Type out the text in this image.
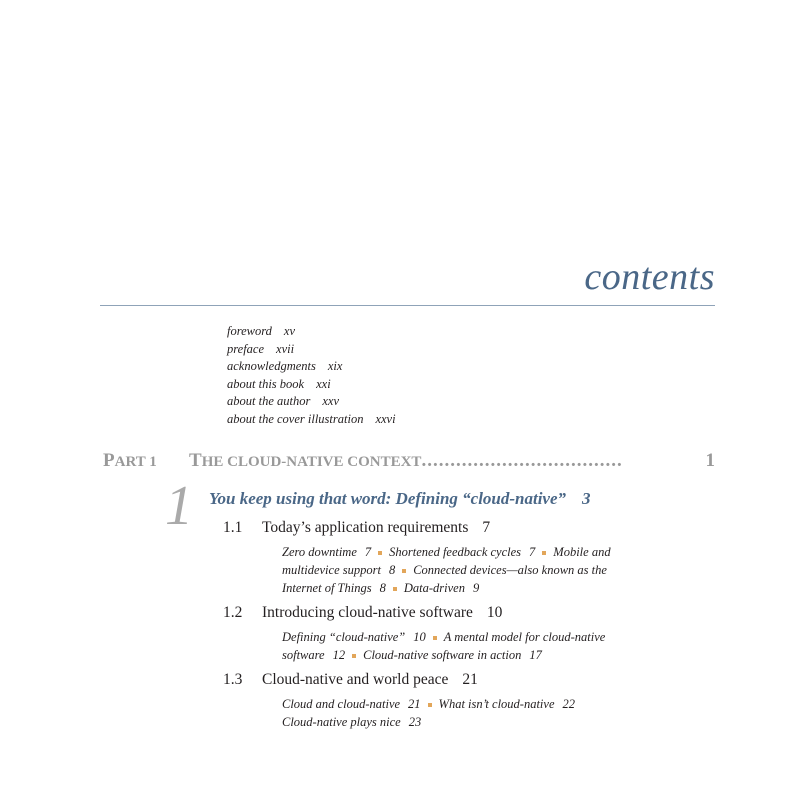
contents
foreword xv
preface xvii
acknowledgments xix
about this book xxi
about the author xxv
about the cover illustration xxvi
PART 1	THE CLOUD-NATIVE CONTEXT ...................................	1
1 You keep using that word: Defining “cloud-native” 3
1.1 Today’s application requirements 7
Zero downtime 7 Shortened feedback cycles 7 Mobile and
multidevice support 8 Connected devices—also known as the
Internet of Things 8 Data-driven 9
1.2 Introducing cloud-native software 10
Defining “cloud-native” 10 A mental model for cloud-native
software 12 Cloud-native software in action 17
1.3 Cloud-native and world peace 21
Cloud and cloud-native 21 What isn’t cloud-native 22
Cloud-native plays nice 23
